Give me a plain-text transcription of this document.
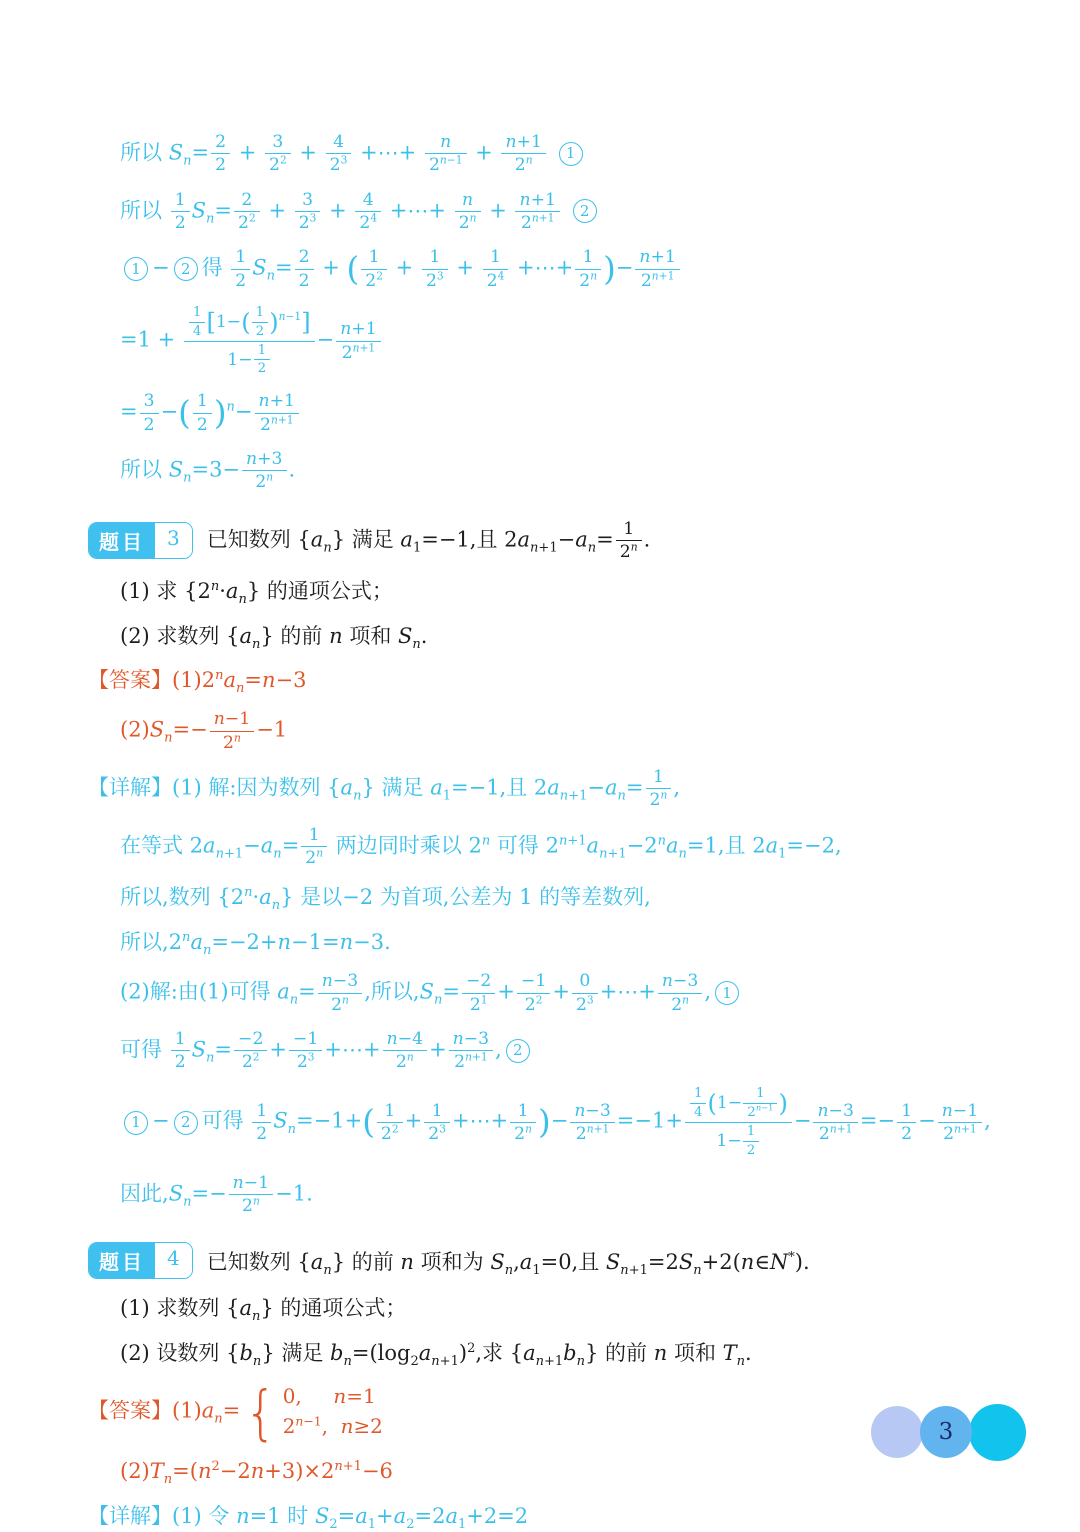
所以 $S_n= \frac{2}{2} + \frac{3}{2^2} + \frac{4}{2^3}$ +⋯+ $\frac{n}{2^{n-1}} + \frac{n+1}{2^n} 1$
所以 $\frac{1}{2} S_n= \frac{2}{2^2} + \frac{3}{2^3} + \frac{4}{2^4}$ +⋯+ $\frac{n}{2^n} + \frac{n+1}{2^{n+1}} 2$
1 − 2 得 $\frac{1}{2} S_n= \frac{2}{2}$ + ( $\frac{1}{2^2} + \frac{1}{2^3} + \frac{1}{2^4}$ +⋯+ $\frac{1}{2^n}$ )− $\frac{n+1}{2^{n+1}}$
$=1 + \frac{\frac{1}{4} [1-( \frac{1}{2} )^{n-1}]}{1- \frac{1}{2}} - \frac{n+1}{2^{n+1}}$
= $\frac{3}{2}$ −( $\frac{1}{2} )^n- \frac{n+1}{2^{n+1}}$
所以 $S_n=3- \frac{n+3}{2^n}$ .
题目	3	已知数列 $\{a_n\}$ 满足 $a_1=-1$,且 $2a_{n+1}-a_n= \frac{1}{2^n}$ .
(1) 求 $\{2^n\cdot a_n\}$ 的通项公式；
(2) 求数列 $\{a_n\}$ 的前 n 项和 $S_n$.
【答案】$(1)2^na_n=n-3$
$(2)S_n=- \frac{n-1}{2^n} -1$
【详解】(1) 解:因为数列 $\{a_n\}$ 满足 $a_1=-1$,且 $2a_{n+1}-a_n= \frac{1}{2^n}$ ,
在等式 $2a_{n+1}-a_n= \frac{1}{2^n}$ 两边同时乘以 2$^n$ 可得 $2^{n+1}a_{n+1}-2^na_n=1$,且 $2a_1=-2$,
所以,数列 $\{2^n\cdot a_n\}$ 是以−2 为首项,公差为 1 的等差数列,
所以$,2^na_n=-2+n-1=n-3$.
(2)解:由(1)可得 $a_n= \frac{n-3}{2^n}$ ,所以$,S_n= \frac{-2}{2^1} + \frac{-1}{2^2} + \frac{0}{2^3}$ +⋯+ $\frac{n-3}{2^n}$ , 1
可得 $\frac{1}{2} S_n= \frac{-2}{2^2} + \frac{-1}{2^3}$ +⋯+ $\frac{n-4}{2^n} + \frac{n-3}{2^{n+1}}$ , 2
1 − 2 可得 $\frac{1}{2} S_n=-1+( \frac{1}{2^2} + \frac{1}{2^3}$ +⋯+ $\frac{1}{2^n}$ )− $\frac{n-3}{2^{n+1}} =-1+ \frac{\frac{1}{4} (1- \frac{1}{2^{n-1}} )}{1- \frac{1}{2}} - \frac{n-3}{2^{n+1}} =- \frac{1}{2} - \frac{n-1}{2^{n+1}}$ ,
因此$,S_n=- \frac{n-1}{2^n} -1$.
题目	4	已知数列 $\{a_n\}$ 的前 n 项和为 $S_n,a_1=0$,且 $S_{n+1}=2S_n+2(n\in N^*)$.
(1) 求数列 $\{a_n\}$ 的通项公式；
(2) 设数列 $\{b_n\}$ 满足 $b_n=(\log_2a_{n+1})^2$,求 $\{a_{n+1}b_n\}$ 的前 n 项和 $T_n$.
【答案】$(1)a_n=$ { 0,     n=1
$2^{n-1}$,  n≥2
$(2)T_n=(n^2-2n+3)\times 2^{n+1}-6$
【详解】(1) 令 n=1 时 $S_2=a_1+a_2=2a_1+2=2$
3
